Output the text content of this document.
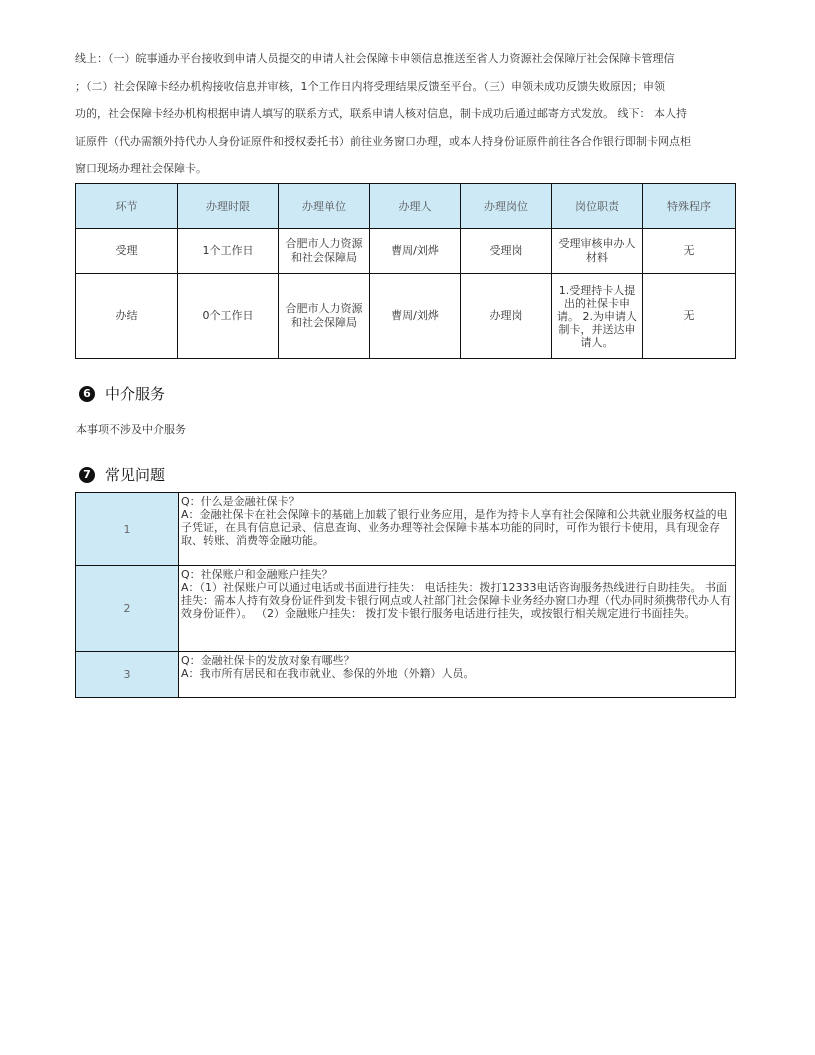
线上：（一）皖事通办平台接收到申请人员提交的申请人社会保障卡申领信息推送至省人力资源社会保障厅社会保障卡管理信
；（二）社会保障卡经办机构接收信息并审核，1个工作日内将受理结果反馈至平台。（三）申领未成功反馈失败原因；申领
功的，社会保障卡经办机构根据申请人填写的联系方式，联系申请人核对信息，制卡成功后通过邮寄方式发放。 线下： 本人持
证原件（代办需额外持代办人身份证原件和授权委托书）前往业务窗口办理，或本人持身份证原件前往各合作银行即制卡网点柜
窗口现场办理社会保障卡。
环节	办理时限	办理单位	办理人	办理岗位	岗位职责	特殊程序
受理	1个工作日	合肥市人力资源和社会保障局	曹周/刘烨	受理岗	受理审核申办人材料	无
办结	0个工作日	合肥市人力资源和社会保障局	曹周/刘烨	办理岗	1.受理持卡人提出的社保卡申请。 2.为申请人制卡，并送达申请人。	无
6 中介服务
本事项不涉及中介服务
7 常见问题
1	Q：什么是金融社保卡？

A：金融社保卡在社会保障卡的基础上加载了银行业务应用，是作为持卡人享有社会保障和公共就业服务权益的电子凭证，在具有信息记录、信息查询、业务办理等社会保障卡基本功能的同时，可作为银行卡使用，具有现金存取、转账、消费等金融功能。

2	Q：社保账户和金融账户挂失？

A：（1）社保账户可以通过电话或书面进行挂失： 电话挂失：拨打12333电话咨询服务热线进行自助挂失。 书面挂失：需本人持有效身份证件到发卡银行网点或人社部门社会保障卡业务经办窗口办理（代办同时须携带代办人有效身份证件）。 （2）金融账户挂失： 拨打发卡银行服务电话进行挂失，或按银行相关规定进行书面挂失。

3	Q：金融社保卡的发放对象有哪些？

A：我市所有居民和在我市就业、参保的外地（外籍）人员。
